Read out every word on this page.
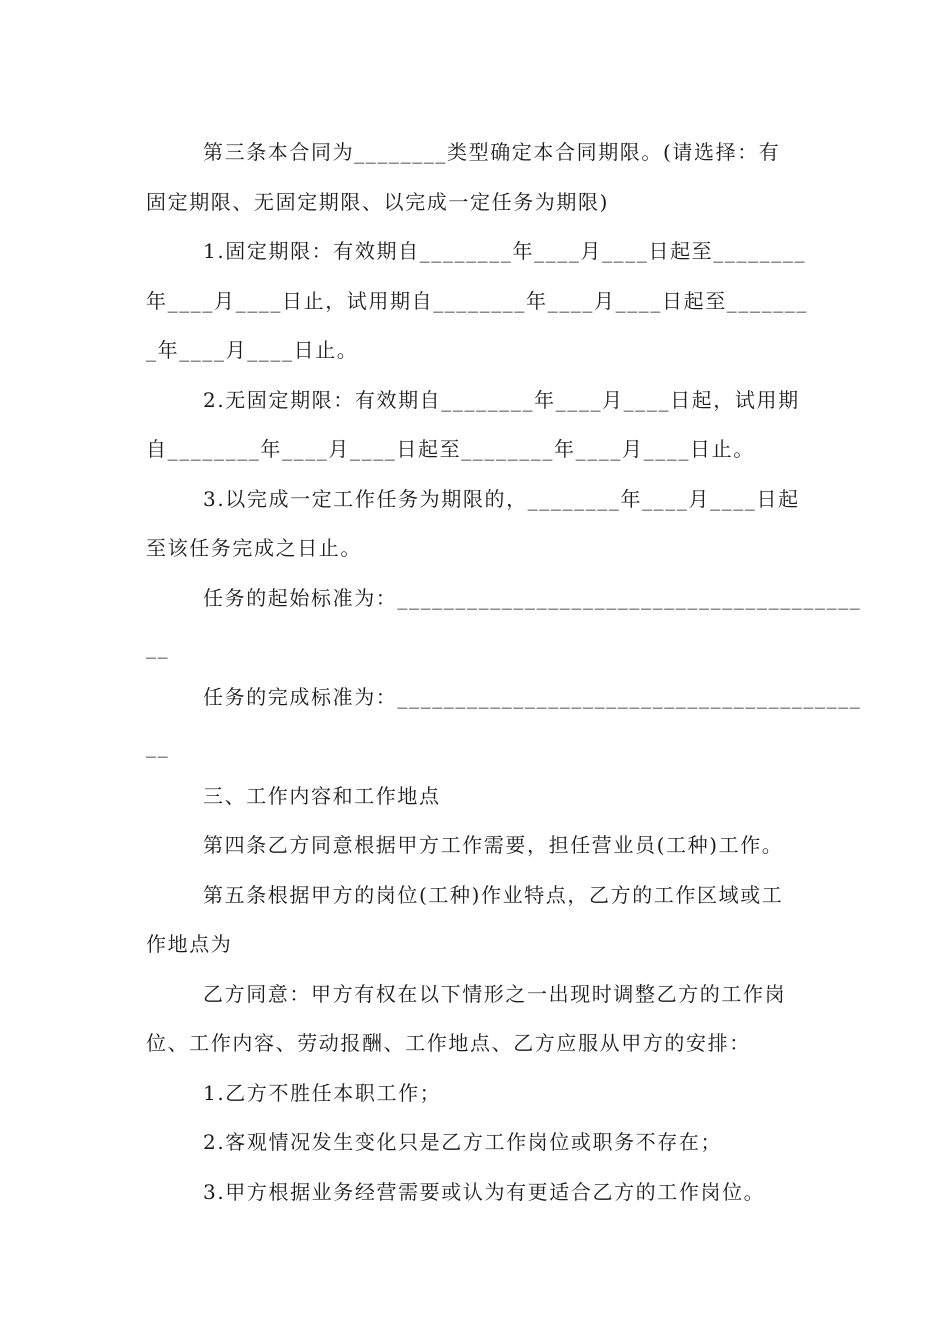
第三条本合同为________类型确定本合同期限。(请选择：有
固定期限、无固定期限、以完成一定任务为期限)
1.固定期限：有效期自________年____月____日起至________
年____月____日止，试用期自________年____月____日起至_______
_年____月____日止。
2.无固定期限：有效期自________年____月____日起，试用期
自________年____月____日起至________年____月____日止。
3.以完成一定工作任务为期限的，________年____月____日起
至该任务完成之日止。
任务的起始标准为：________________________________________
__
任务的完成标准为：________________________________________
__
三、工作内容和工作地点
第四条乙方同意根据甲方工作需要，担任营业员(工种)工作。
第五条根据甲方的岗位(工种)作业特点，乙方的工作区域或工
作地点为
乙方同意：甲方有权在以下情形之一出现时调整乙方的工作岗
位、工作内容、劳动报酬、工作地点、乙方应服从甲方的安排：
1.乙方不胜任本职工作；
2.客观情况发生变化只是乙方工作岗位或职务不存在；
3.甲方根据业务经营需要或认为有更适合乙方的工作岗位。
